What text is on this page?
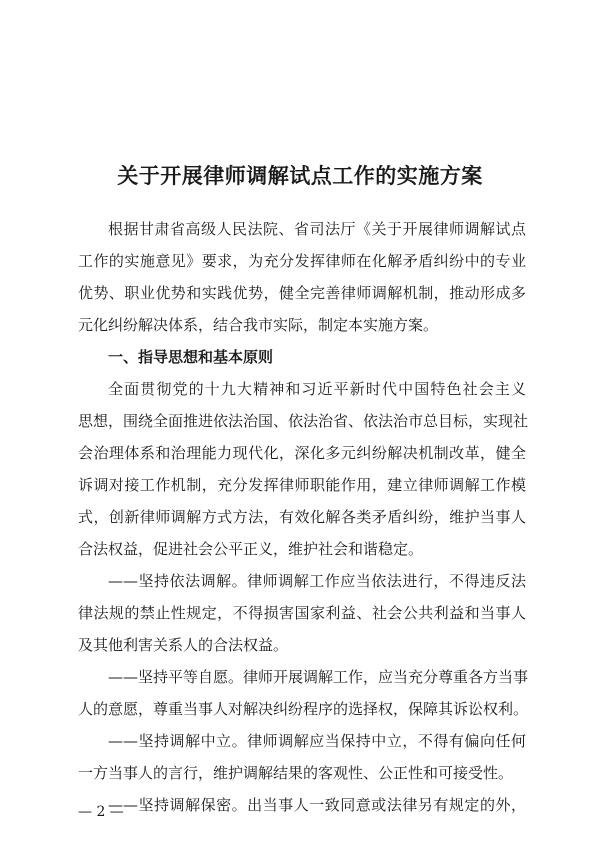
关于开展律师调解试点工作的实施方案
根据甘肃省高级人民法院、省司法厅《关于开展律师调解试点
工作的实施意见》要求，为充分发挥律师在化解矛盾纠纷中的专业
优势、职业优势和实践优势，健全完善律师调解机制，推动形成多
元化纠纷解决体系，结合我市实际，制定本实施方案。
一、指导思想和基本原则
全面贯彻党的十九大精神和习近平新时代中国特色社会主义
思想，围绕全面推进依法治国、依法治省、依法治市总目标，实现社
会治理体系和治理能力现代化，深化多元纠纷解决机制改革，健全
诉调对接工作机制，充分发挥律师职能作用，建立律师调解工作模
式，创新律师调解方式方法，有效化解各类矛盾纠纷，维护当事人
合法权益，促进社会公平正义，维护社会和谐稳定。
——坚持依法调解。律师调解工作应当依法进行，不得违反法
律法规的禁止性规定，不得损害国家利益、社会公共利益和当事人
及其他利害关系人的合法权益。
——坚持平等自愿。律师开展调解工作，应当充分尊重各方当事
人的意愿，尊重当事人对解决纠纷程序的选择权，保障其诉讼权利。
——坚持调解中立。律师调解应当保持中立，不得有偏向任何
一方当事人的言行，维护调解结果的客观性、公正性和可接受性。
——坚持调解保密。出当事人一致同意或法律另有规定的外，
— 2 —
